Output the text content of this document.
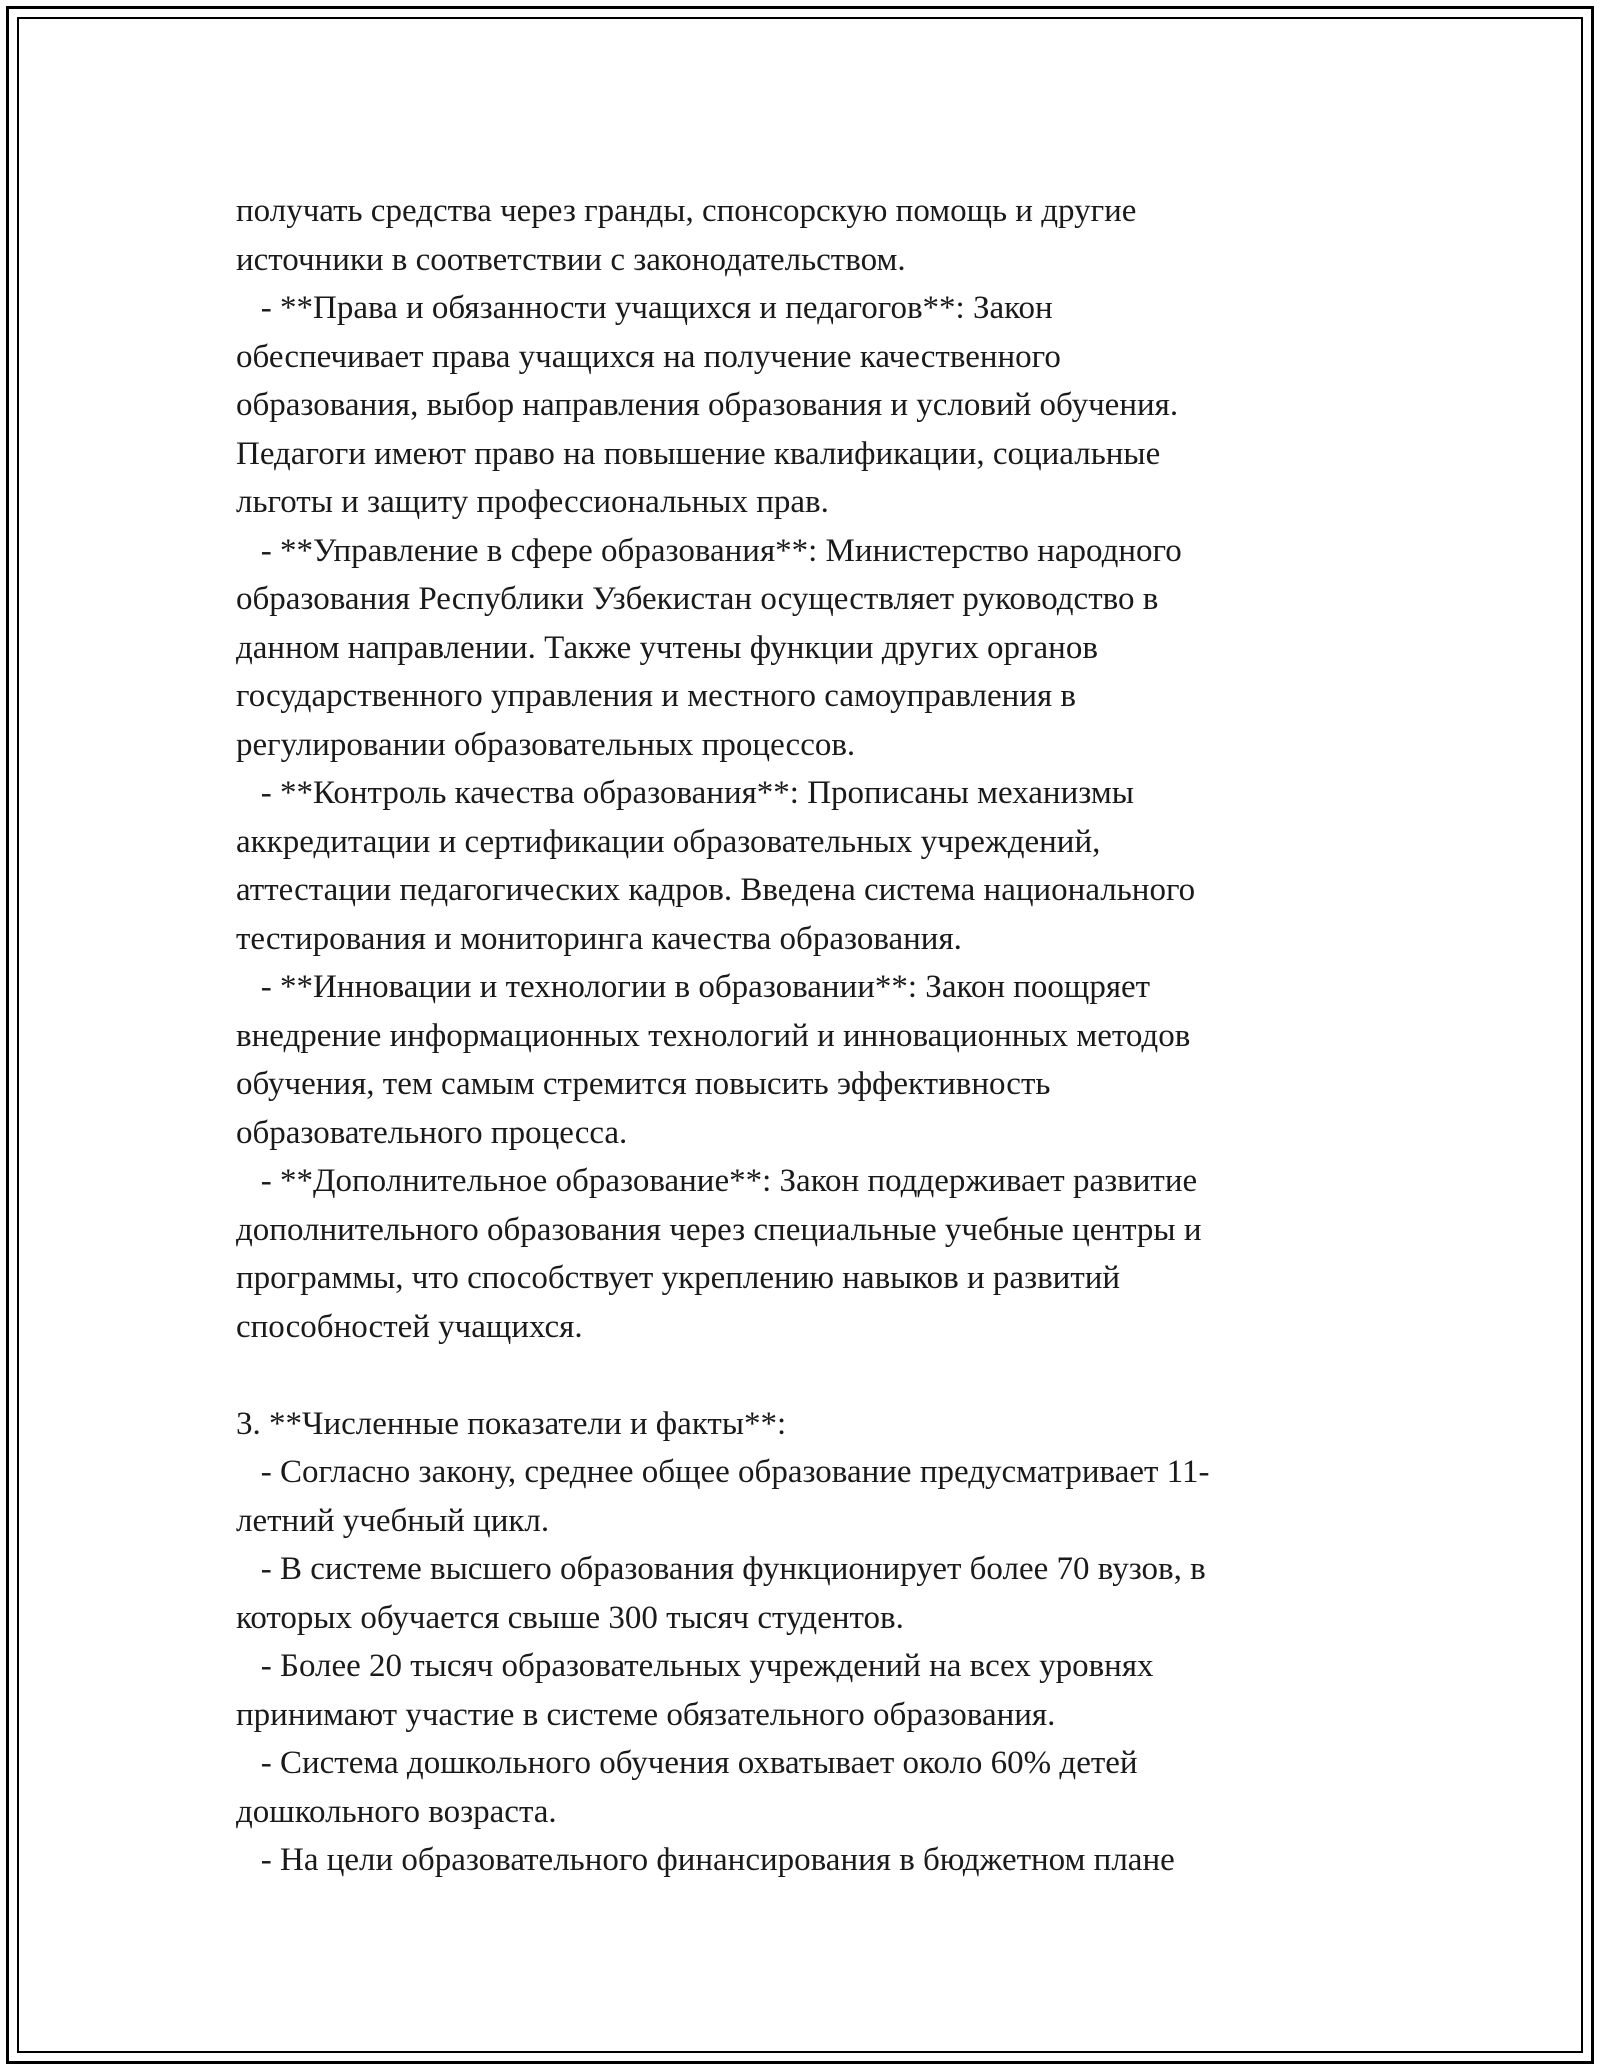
получать средства через гранды, спонсорскую помощь и другие
источники в соответствии с законодательством.
- **Права и обязанности учащихся и педагогов**: Закон
обеспечивает права учащихся на получение качественного
образования, выбор направления образования и условий обучения.
Педагоги имеют право на повышение квалификации, социальные
льготы и защиту профессиональных прав.
- **Управление в сфере образования**: Министерство народного
образования Республики Узбекистан осуществляет руководство в
данном направлении. Также учтены функции других органов
государственного управления и местного самоуправления в
регулировании образовательных процессов.
- **Контроль качества образования**: Прописаны механизмы
аккредитации и сертификации образовательных учреждений,
аттестации педагогических кадров. Введена система национального
тестирования и мониторинга качества образования.
- **Инновации и технологии в образовании**: Закон поощряет
внедрение информационных технологий и инновационных методов
обучения, тем самым стремится повысить эффективность
образовательного процесса.
- **Дополнительное образование**: Закон поддерживает развитие
дополнительного образования через специальные учебные центры и
программы, что способствует укреплению навыков и развитий
способностей учащихся.
3. **Численные показатели и факты**:
- Согласно закону, среднее общее образование предусматривает 11-
летний учебный цикл.
- В системе высшего образования функционирует более 70 вузов, в
которых обучается свыше 300 тысяч студентов.
- Более 20 тысяч образовательных учреждений на всех уровнях
принимают участие в системе обязательного образования.
- Система дошкольного обучения охватывает около 60% детей
дошкольного возраста.
- На цели образовательного финансирования в бюджетном плане
